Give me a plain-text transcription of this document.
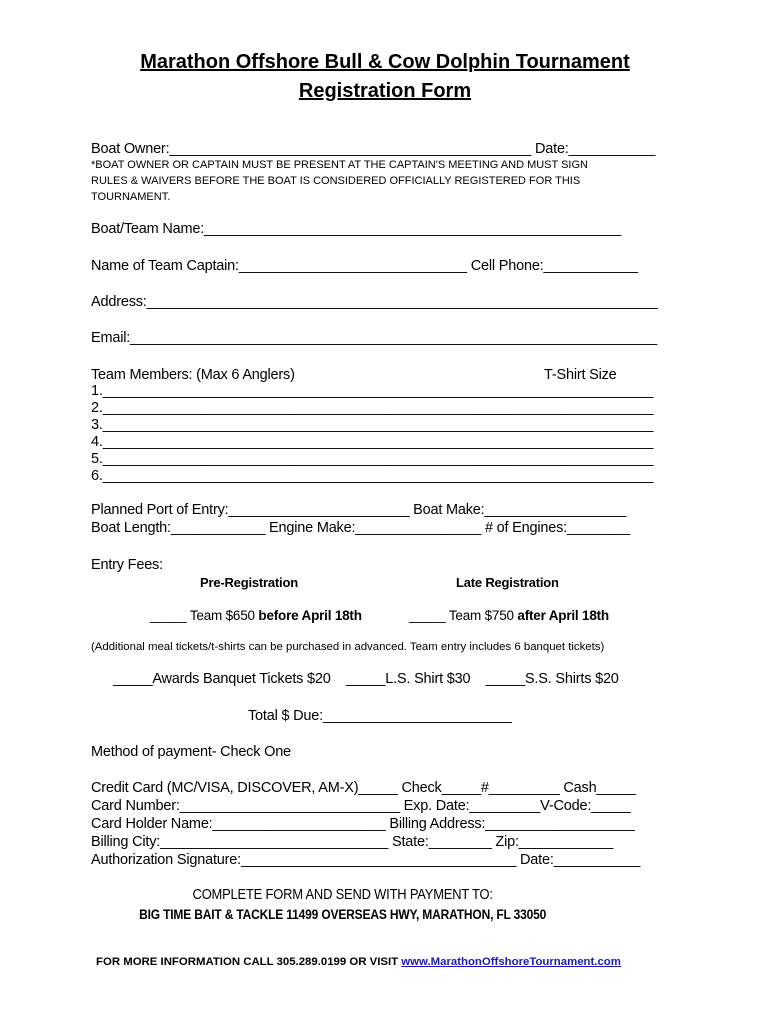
Marathon Offshore Bull & Cow Dolphin Tournament
Registration Form
Boat Owner:______________________________________________ Date:___________
*BOAT OWNER OR CAPTAIN MUST BE PRESENT AT THE CAPTAIN'S MEETING AND MUST SIGN
RULES & WAIVERS BEFORE THE BOAT IS CONSIDERED OFFICIALLY REGISTERED FOR THIS
TOURNAMENT.
Boat/Team Name:_____________________________________________________
Name of Team Captain:_____________________________ Cell Phone:____________
Address:_________________________________________________________________
Email:___________________________________________________________________
Team Members: (Max 6 Anglers)	T-Shirt Size
1.______________________________________________________________________
2.______________________________________________________________________
3.______________________________________________________________________
4.______________________________________________________________________
5.______________________________________________________________________
6.______________________________________________________________________
Planned Port of Entry:_______________________ Boat Make:__________________
Boat Length:____________ Engine Make:________________ # of Engines:________
Entry Fees:
Pre-Registration	Late Registration
_____ Team $650 before April 18th	_____ Team $750 after April 18th
(Additional meal tickets/t-shirts can be purchased in advanced. Team entry includes 6 banquet tickets)
_____Awards Banquet Tickets $20    _____L.S. Shirt $30    _____S.S. Shirts $20
Total $ Due:________________________
Method of payment- Check One
Credit Card (MC/VISA, DISCOVER, AM-X)_____ Check_____#_________ Cash_____
Card Number:____________________________ Exp. Date:_________V-Code:_____
Card Holder Name:______________________ Billing Address:___________________
Billing City:_____________________________ State:________ Zip:____________
Authorization Signature:___________________________________ Date:___________
COMPLETE FORM AND SEND WITH PAYMENT TO:
BIG TIME BAIT & TACKLE 11499 OVERSEAS HWY, MARATHON, FL 33050
FOR MORE INFORMATION CALL 305.289.0199 OR VISIT www.MarathonOffshoreTournament.com
